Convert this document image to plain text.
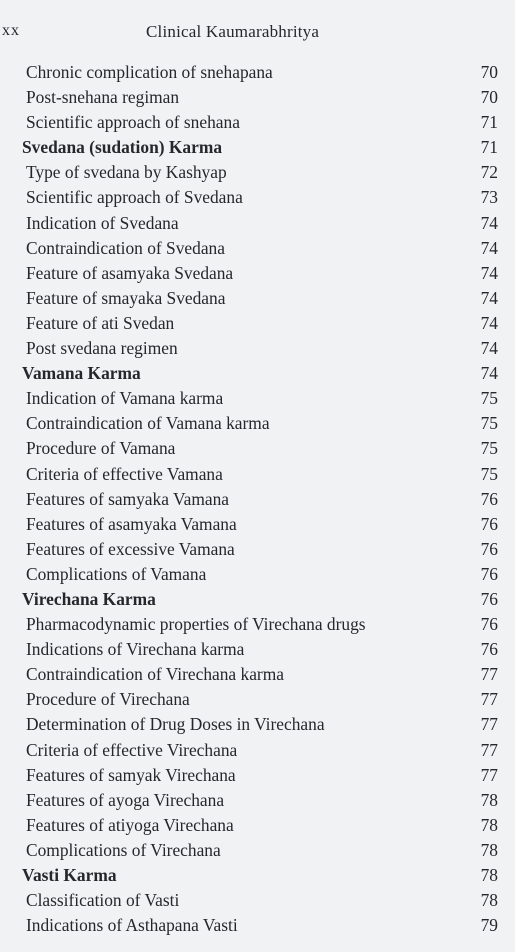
xx	Clinical Kaumarabhritya
Chronic complication of snehapana	70
Post-snehana regiman	70
Scientific approach of snehana	71
Svedana (sudation) Karma	71
Type of svedana by Kashyap	72
Scientific approach of Svedana	73
Indication of Svedana	74
Contraindication of Svedana	74
Feature of asamyaka Svedana	74
Feature of smayaka Svedana	74
Feature of ati Svedan	74
Post svedana regimen	74
Vamana Karma	74
Indication of Vamana karma	75
Contraindication of Vamana karma	75
Procedure of Vamana	75
Criteria of effective Vamana	75
Features of samyaka Vamana	76
Features of asamyaka Vamana	76
Features of excessive Vamana	76
Complications of Vamana	76
Virechana Karma	76
Pharmacodynamic properties of Virechana drugs	76
Indications of Virechana karma	76
Contraindication of Virechana karma	77
Procedure of Virechana	77
Determination of Drug Doses in Virechana	77
Criteria of effective Virechana	77
Features of samyak Virechana	77
Features of ayoga Virechana	78
Features of atiyoga Virechana	78
Complications of Virechana	78
Vasti Karma	78
Classification of Vasti	78
Indications of Asthapana Vasti	79
